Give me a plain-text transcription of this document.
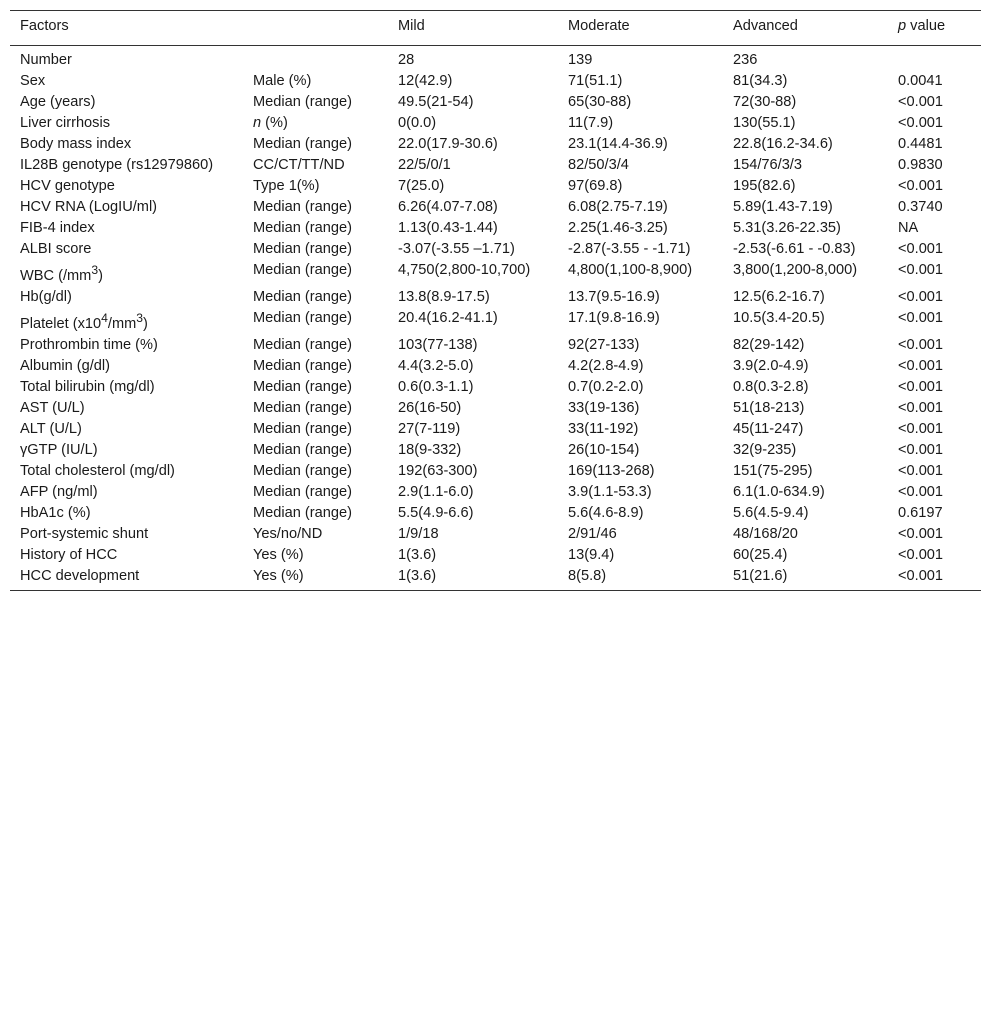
Factors		Mild	Moderate	Advanced	p value
Number		28	139	236	
Sex	Male (%)	12(42.9)	71(51.1)	81(34.3)	0.0041
Age (years)	Median (range)	49.5(21-54)	65(30-88)	72(30-88)	<0.001
Liver cirrhosis	n (%)	0(0.0)	11(7.9)	130(55.1)	<0.001
Body mass index	Median (range)	22.0(17.9-30.6)	23.1(14.4-36.9)	22.8(16.2-34.6)	0.4481
IL28B genotype (rs12979860)	CC/CT/TT/ND	22/5/0/1	82/50/3/4	154/76/3/3	0.9830
HCV genotype	Type 1(%)	7(25.0)	97(69.8)	195(82.6)	<0.001
HCV RNA (LogIU/ml)	Median (range)	6.26(4.07-7.08)	6.08(2.75-7.19)	5.89(1.43-7.19)	0.3740
FIB-4 index	Median (range)	1.13(0.43-1.44)	2.25(1.46-3.25)	5.31(3.26-22.35)	NA
ALBI score	Median (range)	-3.07(-3.55 –1.71)	-2.87(-3.55 - -1.71)	-2.53(-6.61 - -0.83)	<0.001
WBC $(/mm^3)$	Median (range)	4,750(2,800-10,700)	4,800(1,100-8,900)	3,800(1,200-8,000)	<0.001
Hb(g/dl)	Median (range)	13.8(8.9-17.5)	13.7(9.5-16.9)	12.5(6.2-16.7)	<0.001
Platelet $(x10^4/mm^3)$	Median (range)	20.4(16.2-41.1)	17.1(9.8-16.9)	10.5(3.4-20.5)	<0.001
Prothrombin time (%)	Median (range)	103(77-138)	92(27-133)	82(29-142)	<0.001
Albumin (g/dl)	Median (range)	4.4(3.2-5.0)	4.2(2.8-4.9)	3.9(2.0-4.9)	<0.001
Total bilirubin (mg/dl)	Median (range)	0.6(0.3-1.1)	0.7(0.2-2.0)	0.8(0.3-2.8)	<0.001
AST (U/L)	Median (range)	26(16-50)	33(19-136)	51(18-213)	<0.001
ALT (U/L)	Median (range)	27(7-119)	33(11-192)	45(11-247)	<0.001
γGTP (IU/L)	Median (range)	18(9-332)	26(10-154)	32(9-235)	<0.001
Total cholesterol (mg/dl)	Median (range)	192(63-300)	169(113-268)	151(75-295)	<0.001
AFP (ng/ml)	Median (range)	2.9(1.1-6.0)	3.9(1.1-53.3)	6.1(1.0-634.9)	<0.001
HbA1c (%)	Median (range)	5.5(4.9-6.6)	5.6(4.6-8.9)	5.6(4.5-9.4)	0.6197
Port-systemic shunt	Yes/no/ND	1/9/18	2/91/46	48/168/20	<0.001
History of HCC	Yes (%)	1(3.6)	13(9.4)	60(25.4)	<0.001
HCC development	Yes (%)	1(3.6)	8(5.8)	51(21.6)	<0.001
